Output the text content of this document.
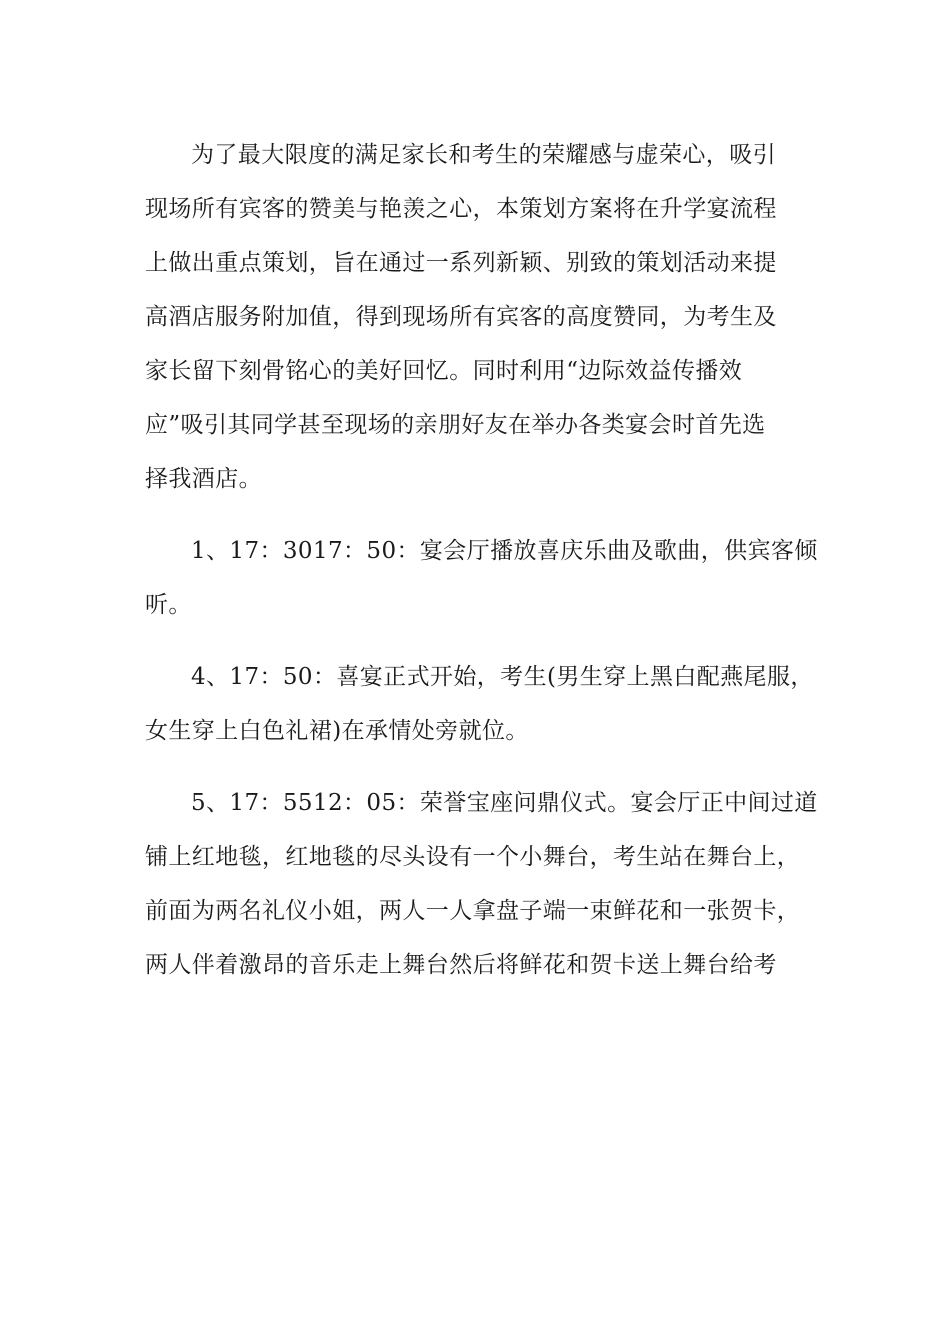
为了最大限度的满足家长和考生的荣耀感与虚荣心，吸引
现场所有宾客的赞美与艳羡之心，本策划方案将在升学宴流程
上做出重点策划，旨在通过一系列新颖、别致的策划活动来提
高酒店服务附加值，得到现场所有宾客的高度赞同，为考生及
家长留下刻骨铭心的美好回忆。同时利用“边际效益传播效
应”吸引其同学甚至现场的亲朋好友在举办各类宴会时首先选
择我酒店。
1、17：3017：50：宴会厅播放喜庆乐曲及歌曲，供宾客倾
听。
4、17：50：喜宴正式开始，考生(男生穿上黑白配燕尾服，
女生穿上白色礼裙)在承情处旁就位。
5、17：5512：05：荣誉宝座问鼎仪式。宴会厅正中间过道
铺上红地毯，红地毯的尽头设有一个小舞台，考生站在舞台上，
前面为两名礼仪小姐，两人一人拿盘子端一束鲜花和一张贺卡，
两人伴着激昂的音乐走上舞台然后将鲜花和贺卡送上舞台给考
